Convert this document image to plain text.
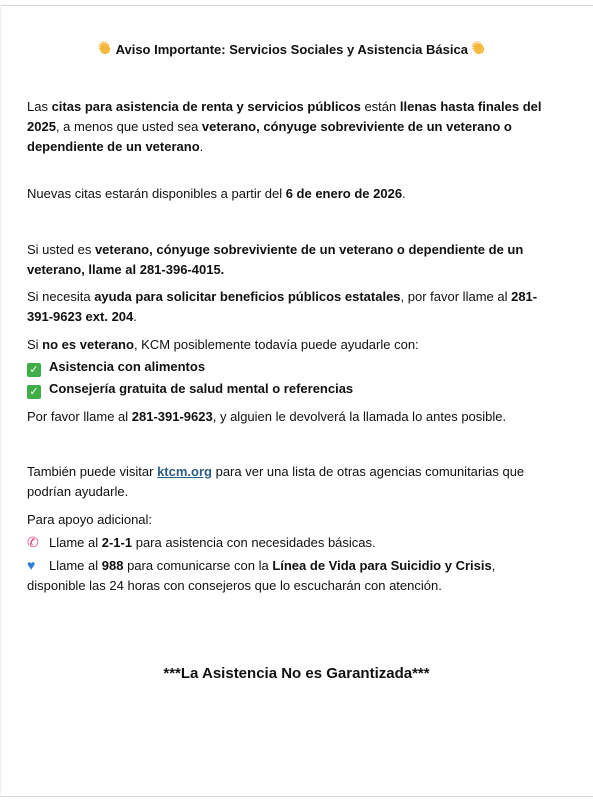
✺ Aviso Importante: Servicios Sociales y Asistencia Básica ✺

Las citas para asistencia de renta y servicios públicos están llenas hasta finales del 2025, a menos que usted sea veterano, cónyuge sobreviviente de un veterano o dependiente de un veterano.

Nuevas citas estarán disponibles a partir del 6 de enero de 2026.

Si usted es veterano, cónyuge sobreviviente de un veterano o dependiente de un veterano, llame al 281-396-4015.

Si necesita ayuda para solicitar beneficios públicos estatales, por favor llame al 281-391-9623 ext. 204.

Si no es veterano, KCM posiblemente todavía puede ayudarle con:

✓ Asistencia con alimentos

✓ Consejería gratuita de salud mental o referencias

Por favor llame al 281-391-9623, y alguien le devolverá la llamada lo antes posible.

También puede visitar ktcm.org para ver una lista de otras agencias comunitarias que podrían ayudarle.

Para apoyo adicional:

✆ Llame al 2-1-1 para asistencia con necesidades básicas.

♥ Llame al 988 para comunicarse con la Línea de Vida para Suicidio y Crisis, disponible las 24 horas con consejeros que lo escucharán con atención.

***La Asistencia No es Garantizada***
